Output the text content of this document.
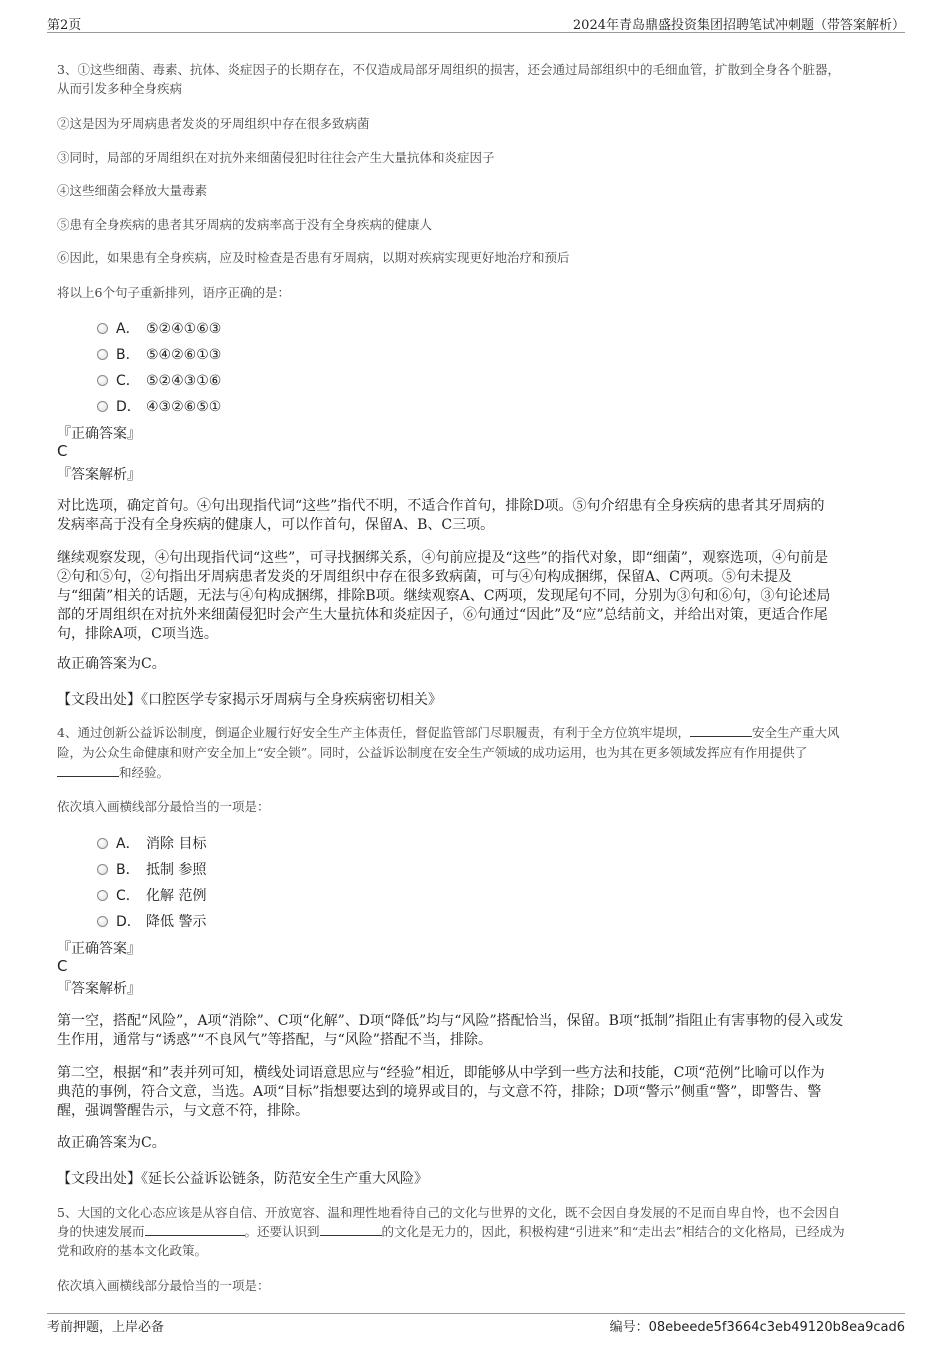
第2页	2024年青岛鼎盛投资集团招聘笔试冲刺题（带答案解析）
3、①这些细菌、毒素、抗体、炎症因子的长期存在，不仅造成局部牙周组织的损害，还会通过局部组织中的毛细血管，扩散到全身各个脏器，
从而引发多种全身疾病
②这是因为牙周病患者发炎的牙周组织中存在很多致病菌
③同时，局部的牙周组织在对抗外来细菌侵犯时往往会产生大量抗体和炎症因子
④这些细菌会释放大量毒素
⑤患有全身疾病的患者其牙周病的发病率高于没有全身疾病的健康人
⑥因此，如果患有全身疾病，应及时检查是否患有牙周病，以期对疾病实现更好地治疗和预后
将以上6个句子重新排列，语序正确的是：
A． ⑤②④①⑥③
B． ⑤④②⑥①③
C． ⑤②④③①⑥
D． ④③②⑥⑤①
『正确答案』
C
『答案解析』
对比选项，确定首句。④句出现指代词“这些”指代不明，不适合作首句，排除D项。⑤句介绍患有全身疾病的患者其牙周病的
发病率高于没有全身疾病的健康人，可以作首句，保留A、B、C三项。
继续观察发现，④句出现指代词“这些”，可寻找捆绑关系，④句前应提及“这些”的指代对象，即“细菌”，观察选项，④句前是
②句和⑤句，②句指出牙周病患者发炎的牙周组织中存在很多致病菌，可与④句构成捆绑，保留A、C两项。⑤句未提及
与“细菌”相关的话题，无法与④句构成捆绑，排除B项。继续观察A、C两项，发现尾句不同，分别为③句和⑥句，③句论述局
部的牙周组织在对抗外来细菌侵犯时会产生大量抗体和炎症因子，⑥句通过“因此”及“应”总结前文，并给出对策，更适合作尾
句，排除A项，C项当选。
故正确答案为C。
【文段出处】《口腔医学专家揭示牙周病与全身疾病密切相关》
4、通过创新公益诉讼制度，倒逼企业履行好安全生产主体责任，督促监管部门尽职履责，有利于全方位筑牢堤坝，	安全生产重大风
险，为公众生命健康和财产安全加上“安全锁”。同时，公益诉讼制度在安全生产领域的成功运用，也为其在更多领域发挥应有作用提供了
和经验。
依次填入画横线部分最恰当的一项是：
A． 消除 目标
B． 抵制 参照
C． 化解 范例
D． 降低 警示
『正确答案』
C
『答案解析』
第一空，搭配“风险”，A项“消除”、C项“化解”、D项“降低”均与“风险”搭配恰当，保留。B项“抵制”指阻止有害事物的侵入或发
生作用，通常与“诱惑”“不良风气”等搭配，与“风险”搭配不当，排除。
第二空，根据“和”表并列可知，横线处词语意思应与“经验”相近，即能够从中学到一些方法和技能，C项“范例”比喻可以作为
典范的事例，符合文意，当选。A项“目标”指想要达到的境界或目的，与文意不符，排除；D项“警示”侧重“警”，即警告、警
醒，强调警醒告示，与文意不符，排除。
故正确答案为C。
【文段出处】《延长公益诉讼链条，防范安全生产重大风险》
5、大国的文化心态应该是从容自信、开放宽容、温和理性地看待自己的文化与世界的文化，既不会因自身发展的不足而自卑自怜，也不会因自
身的快速发展而	。还要认识到	的文化是无力的，因此，积极构建“引进来”和“走出去”相结合的文化格局，已经成为
党和政府的基本文化政策。
依次填入画横线部分最恰当的一项是：
考前押题，上岸必备	编号：08ebeede5f3664c3eb49120b8ea9cad6
